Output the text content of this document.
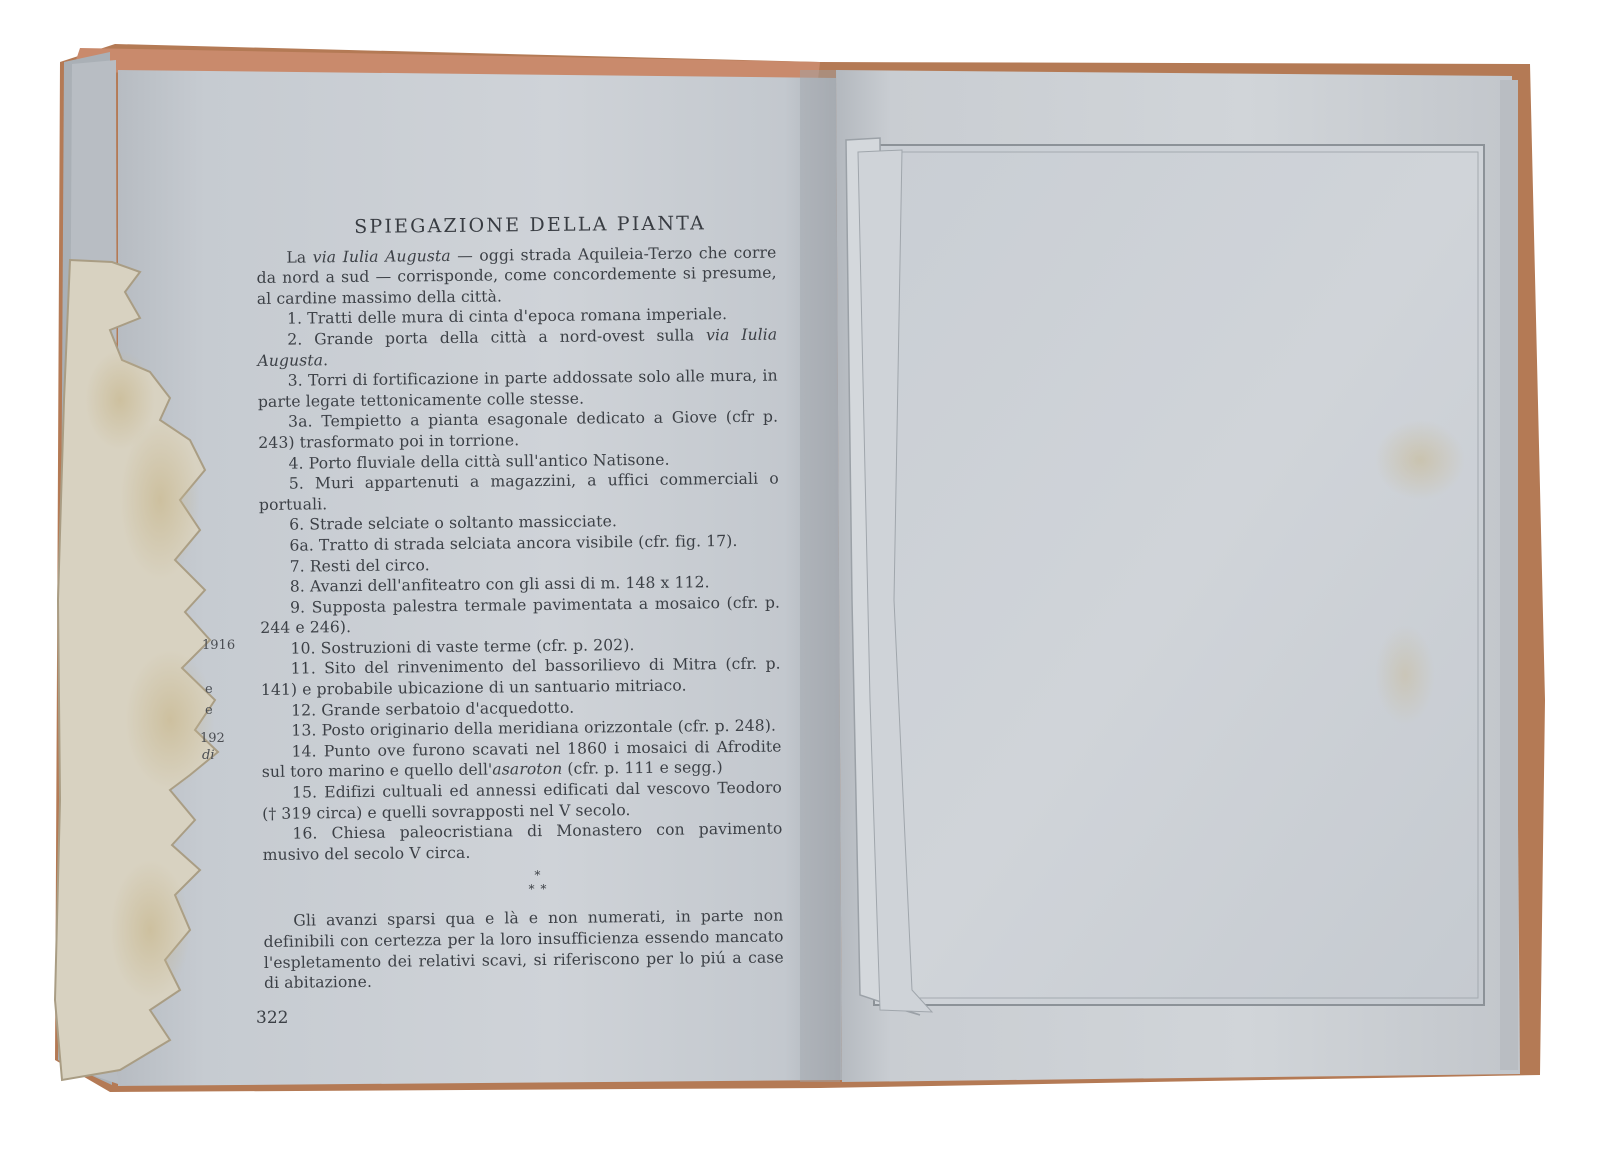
1916
e
e
192
di
SPIEGAZIONE DELLA PIANTA

La via Iulia Augusta — oggi strada Aquileia-Terzo che corre da nord a sud — corrisponde, come concordemente si presume, al cardine massimo della città.

1. Tratti delle mura di cinta d'epoca romana imperiale.

2. Grande porta della città a nord-ovest sulla via Iulia Augusta.

3. Torri di fortificazione in parte addossate solo alle mura, in parte legate tettonicamente colle stesse.

3a. Tempietto a pianta esagonale dedicato a Giove (cfr p. 243) trasformato poi in torrione.

4. Porto fluviale della città sull'antico Natisone.

5. Muri appartenuti a magazzini, a uffici commerciali o portuali.

6. Strade selciate o soltanto massicciate.

6a. Tratto di strada selciata ancora visibile (cfr. fig. 17).

7. Resti del circo.

8. Avanzi dell'anfiteatro con gli assi di m. 148 x 112.

9. Supposta palestra termale pavimentata a mosaico (cfr. p. 244 e 246).

10. Sostruzioni di vaste terme (cfr. p. 202).

11. Sito del rinvenimento del bassorilievo di Mitra (cfr. p. 141) e probabile ubicazione di un santuario mitriaco.

12. Grande serbatoio d'acquedotto.

13. Posto originario della meridiana orizzontale (cfr. p. 248).

14. Punto ove furono scavati nel 1860 i mosaici di Afrodite sul toro marino e quello dell'asaroton (cfr. p. 111 e segg.)

15. Edifizi cultuali ed annessi edificati dal vescovo Teodoro († 319 circa) e quelli sovrapposti nel V secolo.

16. Chiesa paleocristiana di Monastero con pavimento musivo del secolo V circa.

*
* *

Gli avanzi sparsi qua e là e non numerati, in parte non definibili con certezza per la loro insufficienza essendo mancato l'espletamento dei relativi scavi, si riferiscono per lo piú a case di abitazione.

322
